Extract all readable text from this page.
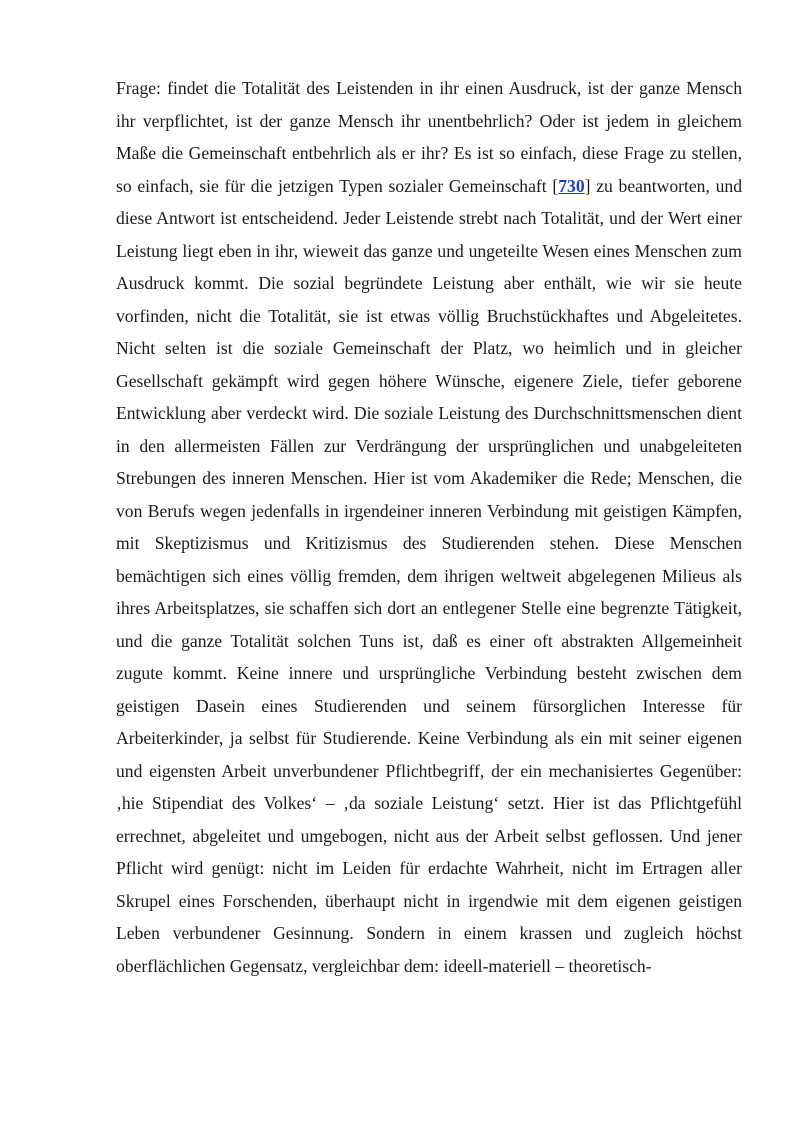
Frage: findet die Totalität des Leistenden in ihr einen Ausdruck, ist der ganze Mensch ihr verpflichtet, ist der ganze Mensch ihr unentbehrlich? Oder ist jedem in gleichem Maße die Gemeinschaft entbehrlich als er ihr? Es ist so einfach, diese Frage zu stellen, so einfach, sie für die jetzigen Typen sozialer Gemeinschaft [730] zu beantworten, und diese Antwort ist entscheidend. Jeder Leistende strebt nach Totalität, und der Wert einer Leistung liegt eben in ihr, wieweit das ganze und ungeteilte Wesen eines Menschen zum Ausdruck kommt. Die sozial begründete Leistung aber enthält, wie wir sie heute vorfinden, nicht die Totalität, sie ist etwas völlig Bruchstückhaftes und Abgeleitetes. Nicht selten ist die soziale Gemeinschaft der Platz, wo heimlich und in gleicher Gesellschaft gekämpft wird gegen höhere Wünsche, eigenere Ziele, tiefer geborene Entwicklung aber verdeckt wird. Die soziale Leistung des Durchschnittsmenschen dient in den allermeisten Fällen zur Verdrängung der ursprünglichen und unabgeleiteten Strebungen des inneren Menschen. Hier ist vom Akademiker die Rede; Menschen, die von Berufs wegen jedenfalls in irgendeiner inneren Verbindung mit geistigen Kämpfen, mit Skeptizismus und Kritizismus des Studierenden stehen. Diese Menschen bemächtigen sich eines völlig fremden, dem ihrigen weltweit abgelegenen Milieus als ihres Arbeitsplatzes, sie schaffen sich dort an entlegener Stelle eine begrenzte Tätigkeit, und die ganze Totalität solchen Tuns ist, daß es einer oft abstrakten Allgemeinheit zugute kommt. Keine innere und ursprüngliche Verbindung besteht zwischen dem geistigen Dasein eines Studierenden und seinem fürsorglichen Interesse für Arbeiterkinder, ja selbst für Studierende. Keine Verbindung als ein mit seiner eigenen und eigensten Arbeit unverbundener Pflichtbegriff, der ein mechanisiertes Gegenüber: ‚hie Stipendiat des Volkes‘ – ‚da soziale Leistung‘ setzt. Hier ist das Pflichtgefühl errechnet, abgeleitet und umgebogen, nicht aus der Arbeit selbst geflossen. Und jener Pflicht wird genügt: nicht im Leiden für erdachte Wahrheit, nicht im Ertragen aller Skrupel eines Forschenden, überhaupt nicht in irgendwie mit dem eigenen geistigen Leben verbundener Gesinnung. Sondern in einem krassen und zugleich höchst oberflächlichen Gegensatz, vergleichbar dem: ideell-materiell – theoretisch-
